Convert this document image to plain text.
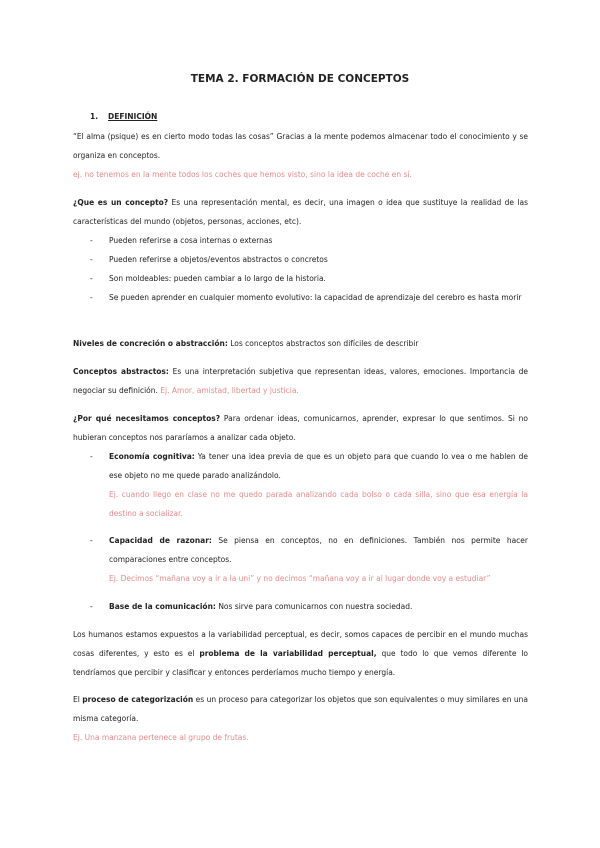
TEMA 2. FORMACIÓN DE CONCEPTOS
1. DEFINICIÓN

“El alma (psique) es en cierto modo todas las cosas” Gracias a la mente podemos almacenar todo el conocimiento y se organiza en conceptos.
ej. no tenemos en la mente todos los coches que hemos visto, sino la idea de coche en sí.

¿Que es un concepto? Es una representación mental, es decir, una imagen o idea que sustituye la realidad de las características del mundo (objetos, personas, acciones, etc).

- Pueden referirse a cosa internas o externas
- Pueden referirse a objetos/eventos abstractos o concretos
- Son moldeables: pueden cambiar a lo largo de la historia.
- Se pueden aprender en cualquier momento evolutivo: la capacidad de aprendizaje del cerebro es hasta morir

Niveles de concreción o abstracción: Los conceptos abstractos son difíciles de describir

Conceptos abstractos: Es una interpretación subjetiva que representan ideas, valores, emociones. Importancia de negociar su definición. Ej. Amor, amistad, libertad y justicia.

¿Por qué necesitamos conceptos? Para ordenar ideas, comunicarnos, aprender, expresar lo que sentimos. Si no hubieran conceptos nos pararíamos a analizar cada objeto.

- Economía cognitiva: Ya tener una idea previa de que es un objeto para que cuando lo vea o me hablen de ese objeto no me quede parado analizándolo.
Ej. cuando llego en clase no me quedo parada analizando cada bolso o cada silla, sino que esa energía la destino a socializar.
- Capacidad de razonar: Se piensa en conceptos, no en definiciones. También nos permite hacer comparaciones entre conceptos.
Ej. Decimos “mañana voy a ir a la uni” y no decimos “mañana voy a ir al lugar donde voy a estudiar”
- Base de la comunicación: Nos sirve para comunicarnos con nuestra sociedad.

Los humanos estamos expuestos a la variabilidad perceptual, es decir, somos capaces de percibir en el mundo muchas cosas diferentes, y esto es el problema de la variabilidad perceptual, que todo lo que vemos diferente lo tendríamos que percibir y clasificar y entonces perderíamos mucho tiempo y energía.

El proceso de categorización es un proceso para categorizar los objetos que son equivalentes o muy similares en una misma categoría.
Ej. Una manzana pertenece al grupo de frutas.
